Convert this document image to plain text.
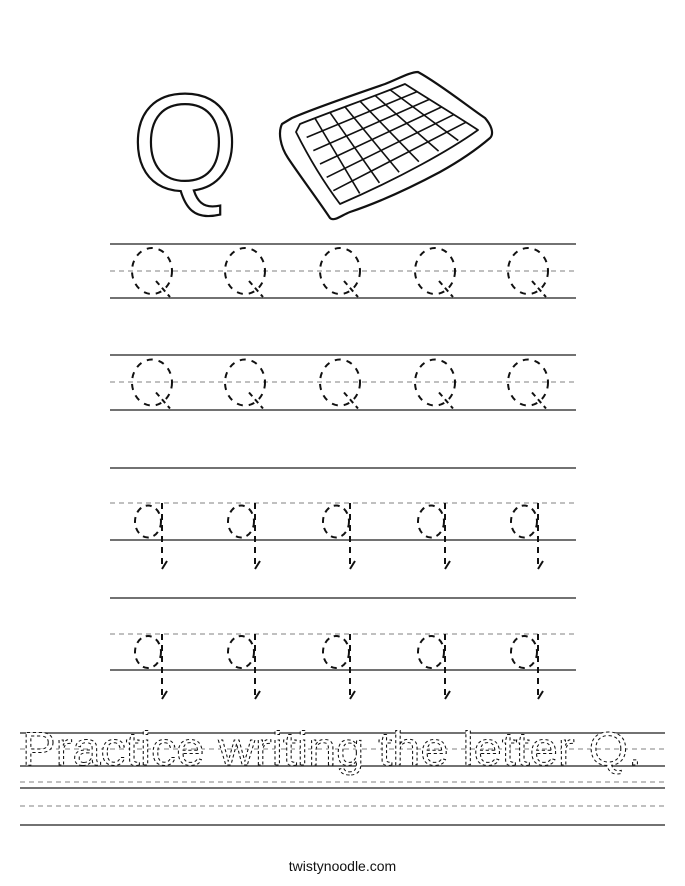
Q
Practice writing the letter Q.
twistynoodle.com
